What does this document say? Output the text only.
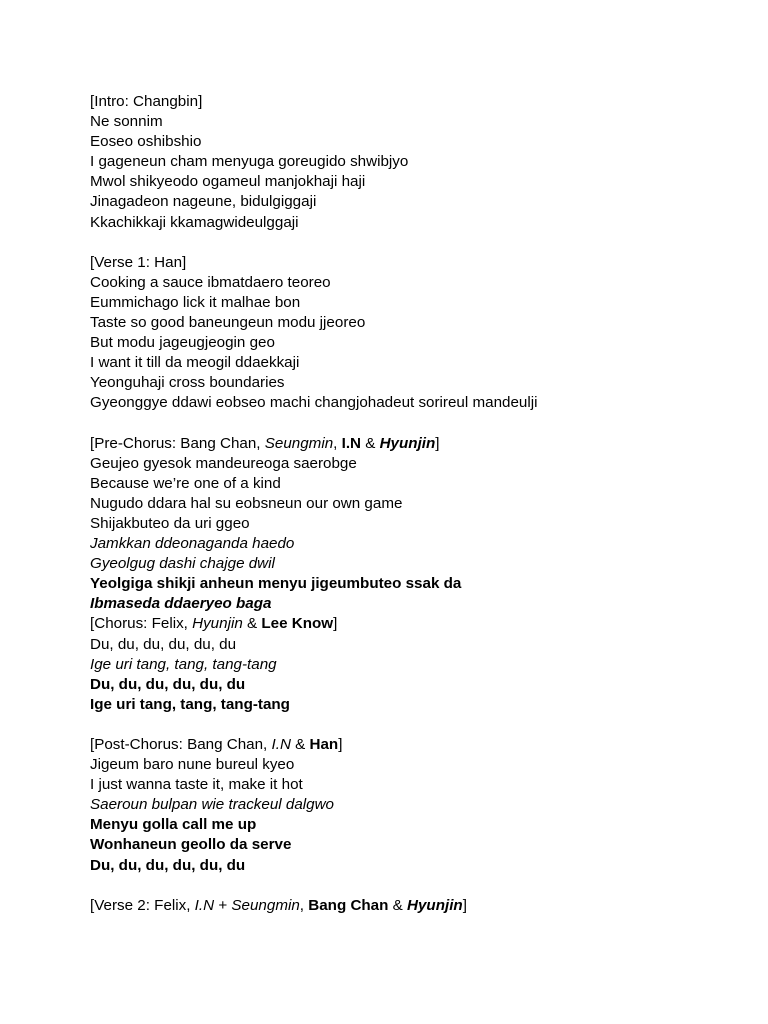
[Intro: Changbin]
Ne sonnim
Eoseo oshibshio
I gageneun cham menyuga goreugido shwibjyo
Mwol shikyeodo ogameul manjokhaji haji
Jinagadeon nageune, bidulgiggaji
Kkachikkaji kkamagwideulggaji
[Verse 1: Han]
Cooking a sauce ibmatdaero teoreo
Eummichago lick it malhae bon
Taste so good baneungeun modu jjeoreo
But modu jageugjeogin geo
I want it till da meogil ddaekkaji
Yeonguhaji cross boundaries
Gyeonggye ddawi eobseo machi changjohadeut sorireul mandeulji
[Pre-Chorus: Bang Chan, Seungmin, I.N & Hyunjin]
Geujeo gyesok mandeureoga saerobge
Because we’re one of a kind
Nugudo ddara hal su eobsneun our own game
Shijakbuteo da uri ggeo
Jamkkan ddeonaganda haedo
Gyeolgug dashi chajge dwil
Yeolgiga shikji anheun menyu jigeumbuteo ssak da
Ibmaseda ddaeryeo baga
[Chorus: Felix, Hyunjin & Lee Know]
Du, du, du, du, du, du
Ige uri tang, tang, tang-tang
Du, du, du, du, du, du
Ige uri tang, tang, tang-tang
[Post-Chorus: Bang Chan, I.N & Han]
Jigeum baro nune bureul kyeo
I just wanna taste it, make it hot
Saeroun bulpan wie trackeul dalgwo
Menyu golla call me up
Wonhaneun geollo da serve
Du, du, du, du, du, du
[Verse 2: Felix, I.N + Seungmin, Bang Chan & Hyunjin]
